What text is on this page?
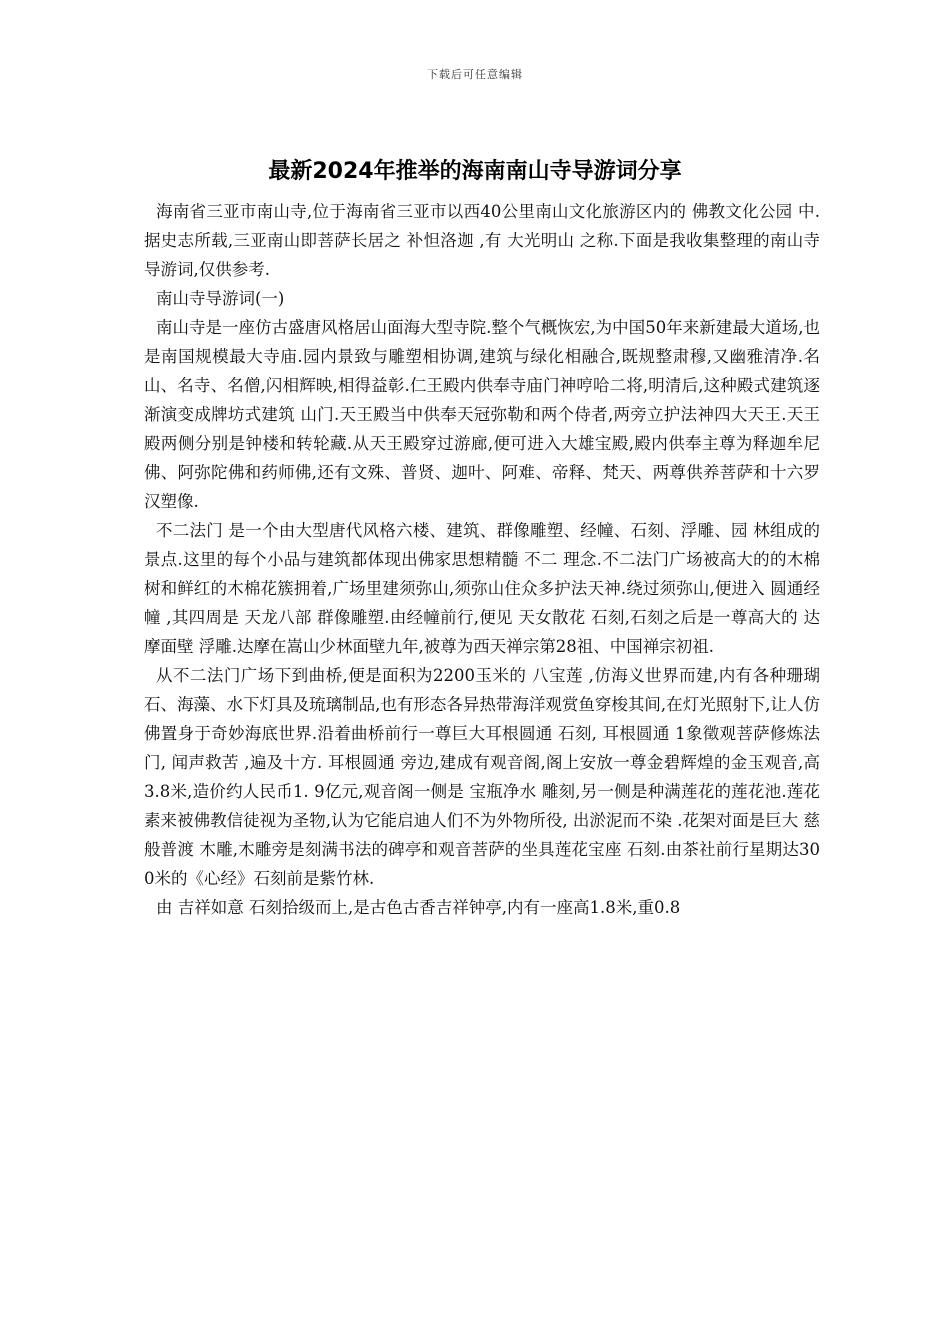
下载后可任意编辑
最新2024年推举的海南南山寺导游词分享

海南省三亚市南山寺,位于海南省三亚市以西40公里南山文化旅游区内的 佛教文化公园 中.据史志所载,三亚南山即菩萨长居之 补怛洛迦 ,有 大光明山 之称.下面是我收集整理的南山寺导游词,仅供参考.

南山寺导游词(一)

南山寺是一座仿古盛唐风格居山面海大型寺院.整个气概恢宏,为中国50年来新建最大道场,也是南国规模最大寺庙.园内景致与雕塑相协调,建筑与绿化相融合,既规整肃穆,又幽雅清净.名山、名寺、名僧,闪相辉映,相得益彰.仁王殿内供奉寺庙门神哼哈二将,明清后,这种殿式建筑逐渐演变成牌坊式建筑 山门.天王殿当中供奉天冠弥勒和两个侍者,两旁立护法神四大天王.天王殿两侧分别是钟楼和转轮藏.从天王殿穿过游廊,便可进入大雄宝殿,殿内供奉主尊为释迦牟尼佛、阿弥陀佛和药师佛,还有文殊、普贤、迦叶、阿难、帝释、梵天、两尊供养菩萨和十六罗汉塑像.

不二法门 是一个由大型唐代风格六楼、建筑、群像雕塑、经幢、石刻、浮雕、园 林组成的景点.这里的每个小品与建筑都体现出佛家思想精髓 不二 理念.不二法门广场被高大的的木棉树和鲜红的木棉花簇拥着,广场里建须弥山,须弥山住众多护法天神.绕过须弥山,便进入 圆通经幢 ,其四周是 天龙八部 群像雕塑.由经幢前行,便见 天女散花 石刻,石刻之后是一尊高大的 达摩面壁 浮雕.达摩在嵩山少林面壁九年,被尊为西天禅宗第28祖、中国禅宗初祖.

从不二法门广场下到曲桥,便是面积为2200玉米的 八宝莲 ,仿海义世界而建,内有各种珊瑚石、海藻、水下灯具及琉璃制品,也有形态各异热带海洋观赏鱼穿梭其间,在灯光照射下,让人仿佛置身于奇妙海底世界.沿着曲桥前行一尊巨大耳根圆通 石刻, 耳根圆通 1象徵观菩萨修炼法门, 闻声救苦 ,遍及十方. 耳根圆通 旁边,建成有观音阁,阁上安放一尊金碧辉煌的金玉观音,高3.8米,造价约人民币1. 9亿元,观音阁一侧是 宝瓶净水 雕刻,另一侧是种满莲花的莲花池.莲花素来被佛教信徒视为圣物,认为它能启迪人们不为外物所役, 出淤泥而不染 .花架对面是巨大 慈般普渡 木雕,木雕旁是刻满书法的碑亭和观音菩萨的坐具莲花宝座 石刻.由茶社前行星期达300米的《心经》石刻前是紫竹林.

由 吉祥如意 石刻拾级而上,是古色古香吉祥钟亭,内有一座高1.8米,重0.8
